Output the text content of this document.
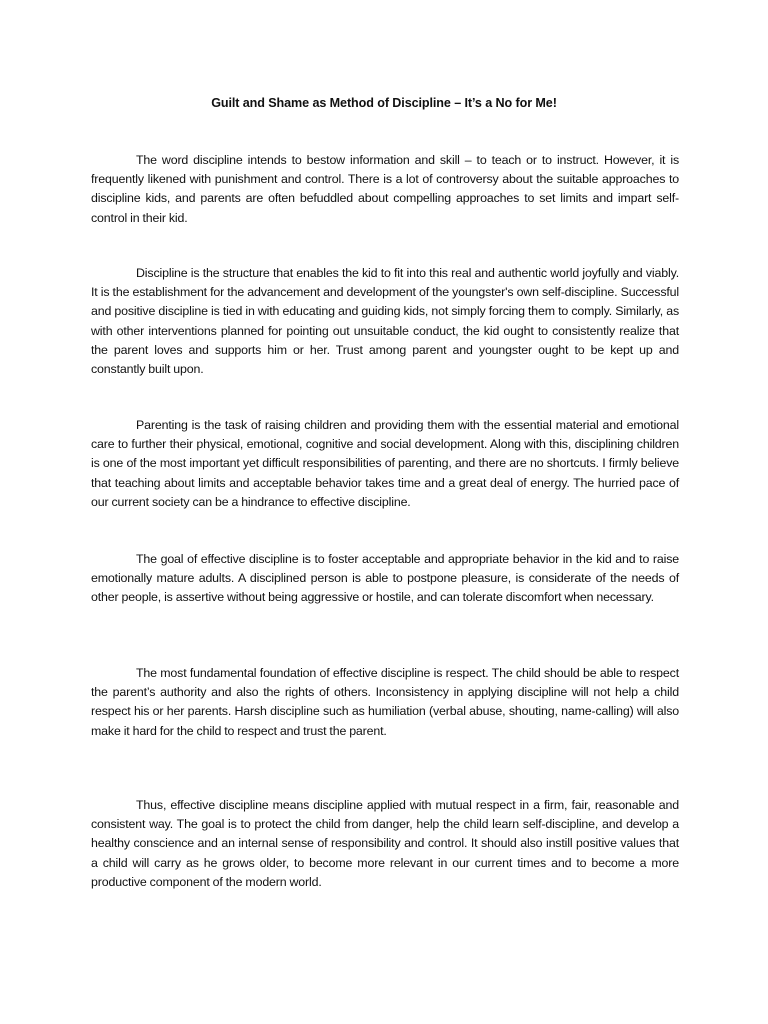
Guilt and Shame as Method of Discipline – It’s a No for Me!

The word discipline intends to bestow information and skill – to teach or to instruct. However, it is frequently likened with punishment and control. There is a lot of controversy about the suitable approaches to discipline kids, and parents are often befuddled about compelling approaches to set limits and impart self-control in their kid.

Discipline is the structure that enables the kid to fit into this real and authentic world joyfully and viably. It is the establishment for the advancement and development of the youngster's own self-discipline. Successful and positive discipline is tied in with educating and guiding kids, not simply forcing them to comply. Similarly, as with other interventions planned for pointing out unsuitable conduct, the kid ought to consistently realize that the parent loves and supports him or her. Trust among parent and youngster ought to be kept up and constantly built upon.

Parenting is the task of raising children and providing them with the essential material and emotional care to further their physical, emotional, cognitive and social development. Along with this, disciplining children is one of the most important yet difficult responsibilities of parenting, and there are no shortcuts. I firmly believe that teaching about limits and acceptable behavior takes time and a great deal of energy. The hurried pace of our current society can be a hindrance to effective discipline.

The goal of effective discipline is to foster acceptable and appropriate behavior in the kid and to raise emotionally mature adults. A disciplined person is able to postpone pleasure, is considerate of the needs of other people, is assertive without being aggressive or hostile, and can tolerate discomfort when necessary.

The most fundamental foundation of effective discipline is respect. The child should be able to respect the parent’s authority and also the rights of others. Inconsistency in applying discipline will not help a child respect his or her parents. Harsh discipline such as humiliation (verbal abuse, shouting, name-calling) will also make it hard for the child to respect and trust the parent.

Thus, effective discipline means discipline applied with mutual respect in a firm, fair, reasonable and consistent way. The goal is to protect the child from danger, help the child learn self-discipline, and develop a healthy conscience and an internal sense of responsibility and control. It should also instill positive values that a child will carry as he grows older, to become more relevant in our current times and to become a more productive component of the modern world.
